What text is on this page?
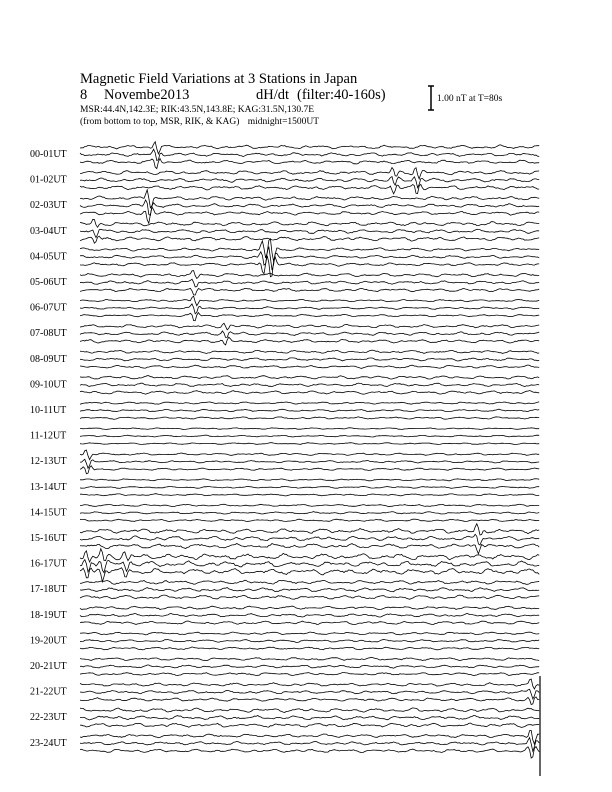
Magnetic Field Variations at 3 Stations in Japan
8 Novembe2013	dH/dt (filter:40-160s)
MSR:44.4N,142.3E; RIK:43.5N,143.8E; KAG:31.5N,130.7E
(from bottom to top, MSR, RIK, & KAG) midnight=1500UT
1.00 nT at T=80s
00-01UT
01-02UT
02-03UT
03-04UT
04-05UT
05-06UT
06-07UT
07-08UT
08-09UT
09-10UT
10-11UT
11-12UT
12-13UT
13-14UT
14-15UT
15-16UT
16-17UT
17-18UT
18-19UT
19-20UT
20-21UT
21-22UT
22-23UT
23-24UT
